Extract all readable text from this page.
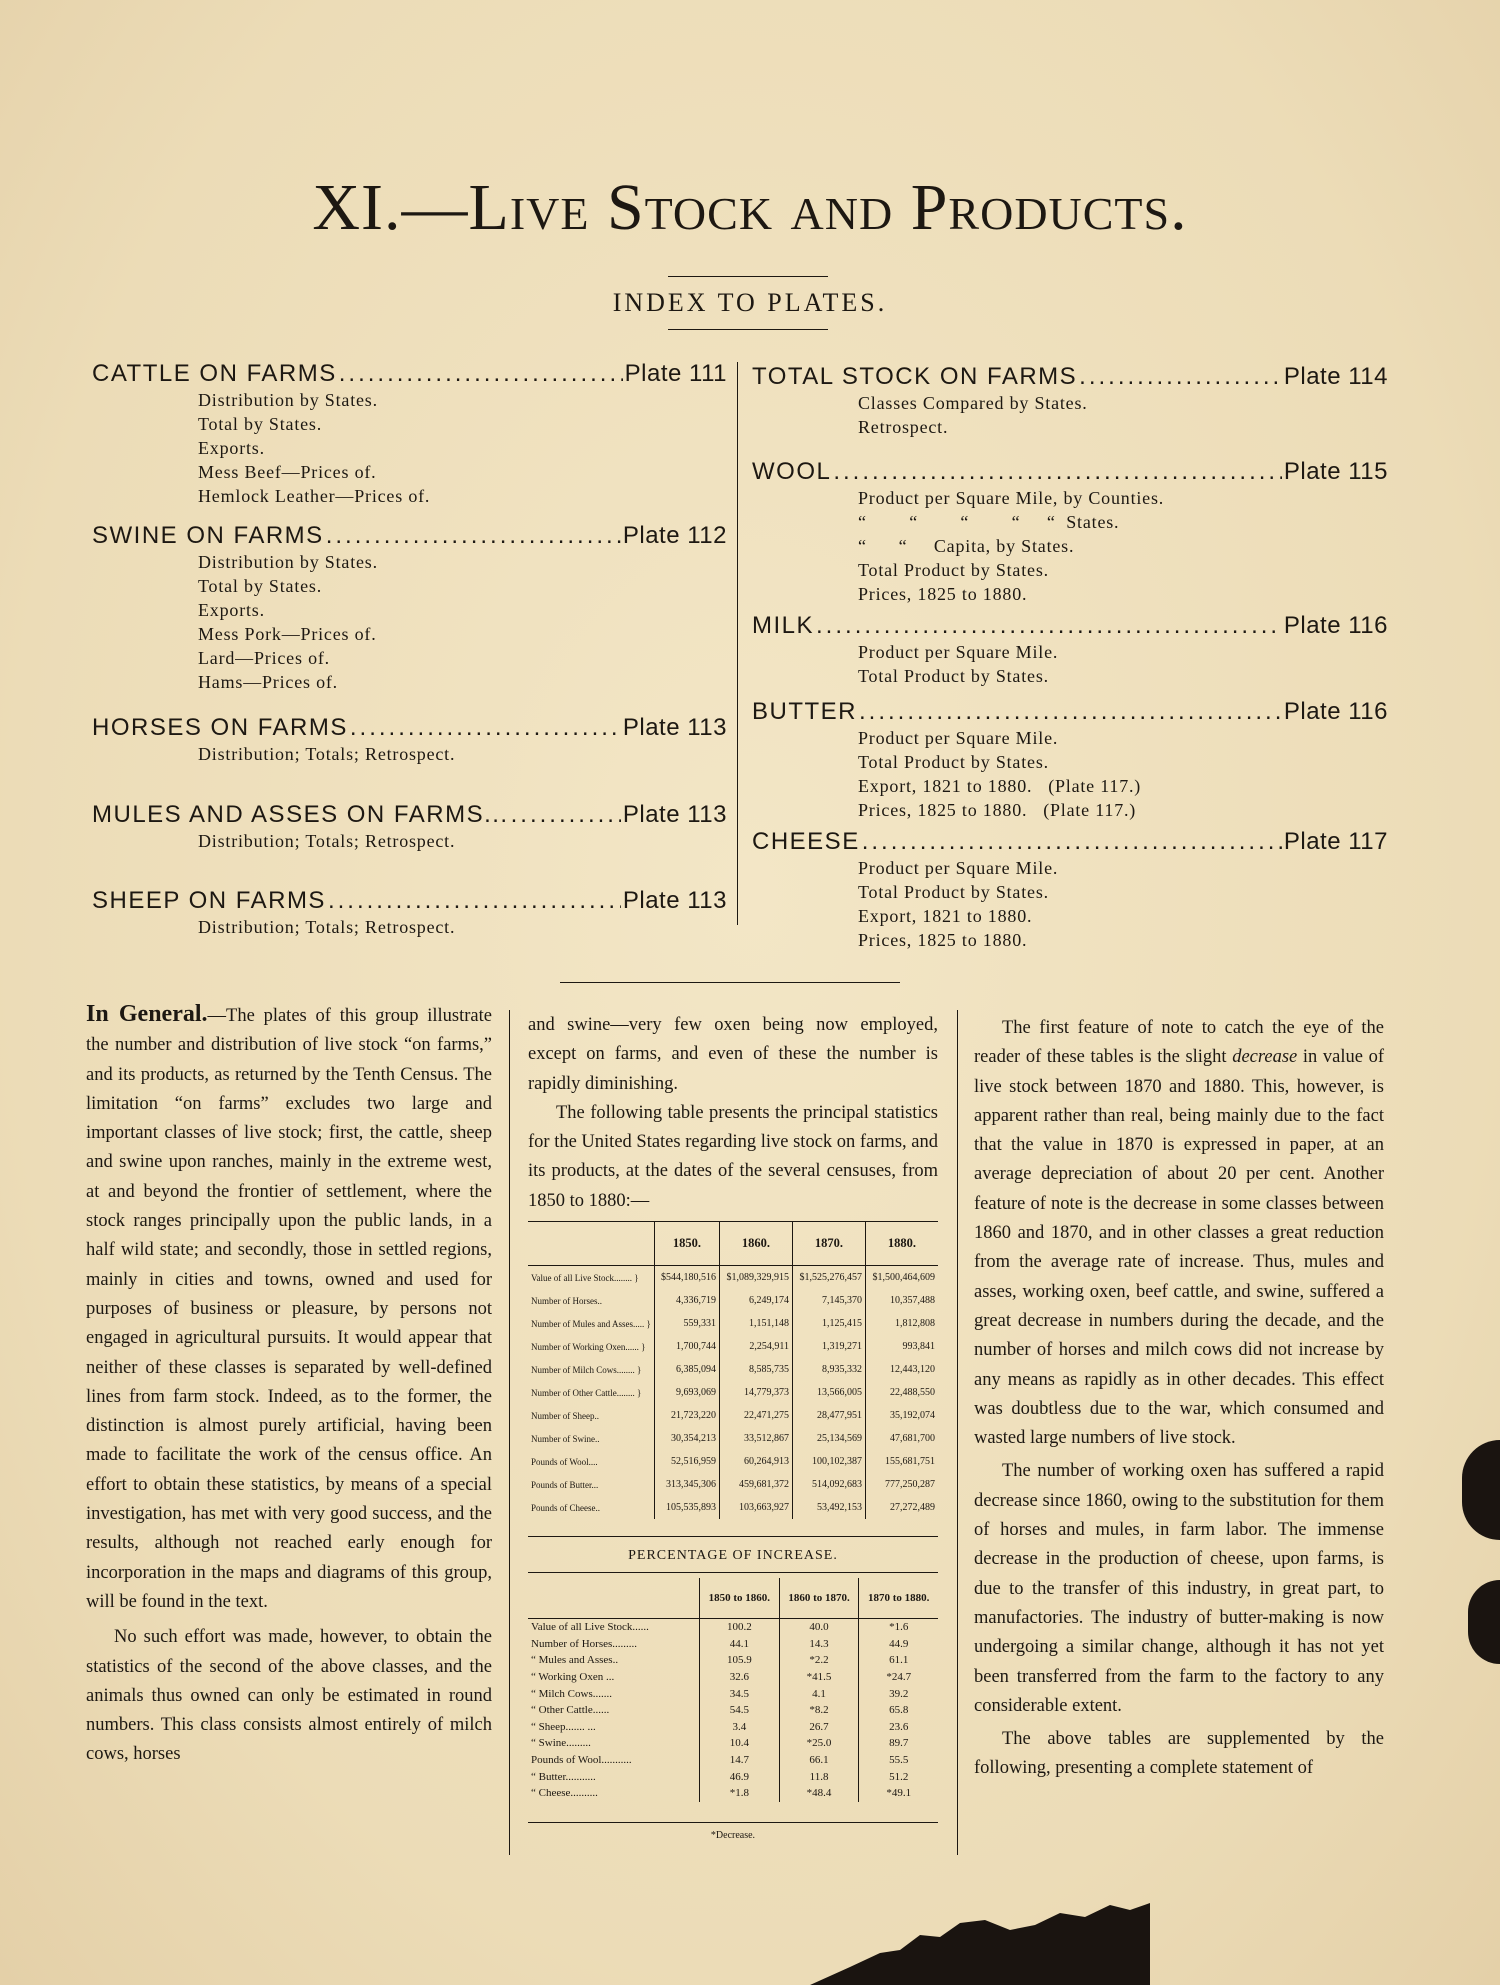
XI.—Live Stock and Products.
INDEX TO PLATES.
CATTLE ON FARMS .....	Plate 111
Distribution by States.
Total by States.
Exports.
Mess Beef—Prices of.
Hemlock Leather—Prices of.
SWINE ON FARMS .....	Plate 112
Distribution by States.
Total by States.
Exports.
Mess Pork—Prices of.
Lard—Prices of.
Hams—Prices of.
HORSES ON FARMS .....	Plate 113
Distribution; Totals; Retrospect.
MULES AND ASSES ON FARMS... .....	Plate 113
Distribution; Totals; Retrospect.
SHEEP ON FARMS .....	Plate 113
Distribution; Totals; Retrospect.
TOTAL STOCK ON FARMS .....	Plate 114
Classes Compared by States.
Retrospect.
WOOL .....	Plate 115
Product per Square Mile, by Counties.
“        “        “        “     “  States.
“      “     Capita, by States.
Total Product by States.
Prices, 1825 to 1880.
MILK .....	Plate 116
Product per Square Mile.
Total Product by States.
BUTTER .....	Plate 116
Product per Square Mile.
Total Product by States.
Export, 1821 to 1880.   (Plate 117.)
Prices, 1825 to 1880.   (Plate 117.)
CHEESE .....	Plate 117
Product per Square Mile.
Total Product by States.
Export, 1821 to 1880.
Prices, 1825 to 1880.

In General.—The plates of this group illustrate the number and distribution of live stock “on farms,” and its products, as returned by the Tenth Census. The limitation “on farms” excludes two large and important classes of live stock; first, the cattle, sheep and swine upon ranches, mainly in the extreme west, at and beyond the frontier of settlement, where the stock ranges principally upon the public lands, in a half wild state; and secondly, those in settled regions, mainly in cities and towns, owned and used for purposes of business or pleasure, by persons not engaged in agricultural pursuits. It would appear that neither of these classes is separated by well-defined lines from farm stock. Indeed, as to the former, the distinction is almost purely artificial, having been made to facilitate the work of the census office. An effort to obtain these statistics, by means of a special investigation, has met with very good success, and the results, although not reached early enough for incorporation in the maps and diagrams of this group, will be found in the text.

No such effort was made, however, to obtain the statistics of the second of the above classes, and the animals thus owned can only be estimated in round numbers. This class consists almost entirely of milch cows, horses

and swine—very few oxen being now employed, except on farms, and even of these the number is rapidly diminishing.

The following table presents the principal statistics for the United States regarding live stock on farms, and its products, at the dates of the several censuses, from 1850 to 1880:—

	1850.	1860.	1870.	1880.
Value of all Live Stock........ }	$544,180,516	$1,089,329,915	$1,525,276,457	$1,500,464,609
Number of Horses..	4,336,719	6,249,174	7,145,370	10,357,488
Number of Mules and Asses..... }	559,331	1,151,148	1,125,415	1,812,808
Number of Working Oxen...... }	1,700,744	2,254,911	1,319,271	993,841
Number of Milch Cows........ }	6,385,094	8,585,735	8,935,332	12,443,120
Number of Other Cattle........ }	9,693,069	14,779,373	13,566,005	22,488,550
Number of Sheep..	21,723,220	22,471,275	28,477,951	35,192,074
Number of Swine..	30,354,213	33,512,867	25,134,569	47,681,700
Pounds of Wool....	52,516,959	60,264,913	100,102,387	155,681,751
Pounds of Butter...	313,345,306	459,681,372	514,092,683	777,250,287
Pounds of Cheese..	105,535,893	103,663,927	53,492,153	27,272,489
PERCENTAGE OF INCREASE.
	1850 to 1860.	1860 to 1870.	1870 to 1880.
Value of all Live Stock......	100.2	40.0	*1.6
Number of Horses.........	44.1	14.3	44.9
“ Mules and Asses..	105.9	*2.2	61.1
“ Working Oxen ...	32.6	*41.5	*24.7
“ Milch Cows.......	34.5	4.1	39.2
“ Other Cattle......	54.5	*8.2	65.8
“ Sheep....... ...	3.4	26.7	23.6
“ Swine.........	10.4	*25.0	89.7
Pounds of Wool...........	14.7	66.1	55.5
“ Butter...........	46.9	11.8	51.2
“ Cheese..........	*1.8	*48.4	*49.1
*Decrease.

The first feature of note to catch the eye of the reader of these tables is the slight decrease in value of live stock between 1870 and 1880. This, however, is apparent rather than real, being mainly due to the fact that the value in 1870 is expressed in paper, at an average depreciation of about 20 per cent. Another feature of note is the decrease in some classes between 1860 and 1870, and in other classes a great reduction from the average rate of increase. Thus, mules and asses, working oxen, beef cattle, and swine, suffered a great decrease in numbers during the decade, and the number of horses and milch cows did not increase by any means as rapidly as in other decades. This effect was doubtless due to the war, which consumed and wasted large numbers of live stock.

The number of working oxen has suffered a rapid decrease since 1860, owing to the substitution for them of horses and mules, in farm labor. The immense decrease in the production of cheese, upon farms, is due to the transfer of this industry, in great part, to manufactories. The industry of butter-making is now undergoing a similar change, although it has not yet been transferred from the farm to the factory to any considerable extent.

The above tables are supplemented by the following, presenting a complete statement of
